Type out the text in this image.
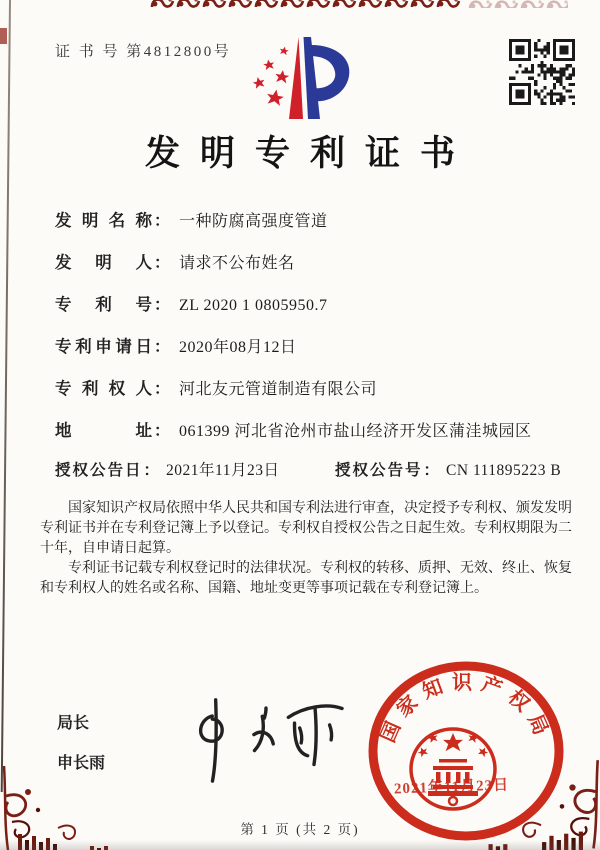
证 书 号 第4812800号
发明专利证书
发明名称 ： 一种防腐高强度管道
发明人 ： 请求不公布姓名
专利号 ： ZL 2020 1 0805950.7
专利申请日 ： 2020年08月12日
专利权人 ： 河北友元管道制造有限公司
地址 ： 061399 河北省沧州市盐山经济开发区蒲洼城园区
授权公告日： 2021年11月23日	授权公告号： CN 111895223 B

国家知识产权局依照中华人民共和国专利法进行审查，决定授予专利权、颁发发明专利证书并在专利登记簿上予以登记。专利权自授权公告之日起生效。专利权期限为二十年，自申请日起算。

专利证书记载专利权登记时的法律状况。专利权的转移、质押、无效、终止、恢复和专利权人的姓名或名称、国籍、地址变更等事项记载在专利登记簿上。

局长
申长雨
国家知识产权局
2021年11月23日
第 1 页 (共 2 页)
